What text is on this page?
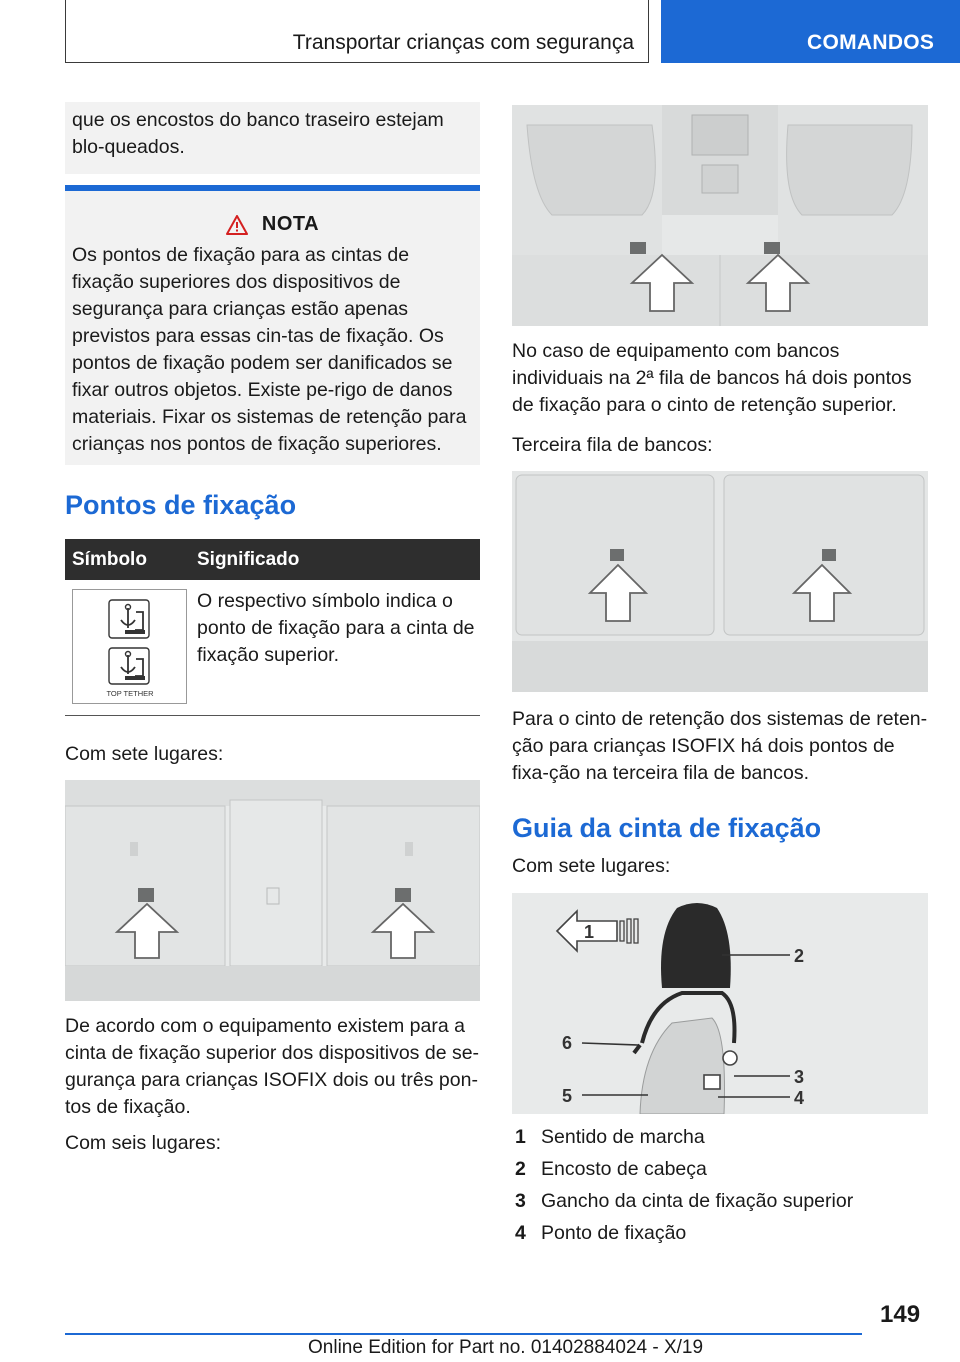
Transportar crianças com segurança	COMANDOS

que os encostos do banco traseiro estejam blo-queados.

NOTA

Os pontos de fixação para as cintas de fixação superiores dos dispositivos de segurança para crianças estão apenas previstos para essas cin-tas de fixação. Os pontos de fixação podem ser danificados se fixar outros objetos. Existe pe-rigo de danos materiais. Fixar os sistemas de retenção para crianças nos pontos de fixação superiores.

Pontos de fixação
Símbolo	Significado
TOP TETHER

O respectivo símbolo indica o ponto de fixação para a cinta de fixação superior.

Com sete lugares:

De acordo com o equipamento existem para a cinta de fixação superior dos dispositivos de se-gurança para crianças ISOFIX dois ou três pon-tos de fixação.

Com seis lugares:

No caso de equipamento com bancos individuais na 2ª fila de bancos há dois pontos de fixação para o cinto de retenção superior.

Terceira fila de bancos:

Para o cinto de retenção dos sistemas de reten-ção para crianças ISOFIX há dois pontos de fixa-ção na terceira fila de bancos.

Guia da cinta de fixação

Com sete lugares:

1
2
3
4
5
6
1 Sentido de marcha
2 Encosto de cabeça
3 Gancho da cinta de fixação superior
4 Ponto de fixação
149
Online Edition for Part no. 01402884024 - X/19
